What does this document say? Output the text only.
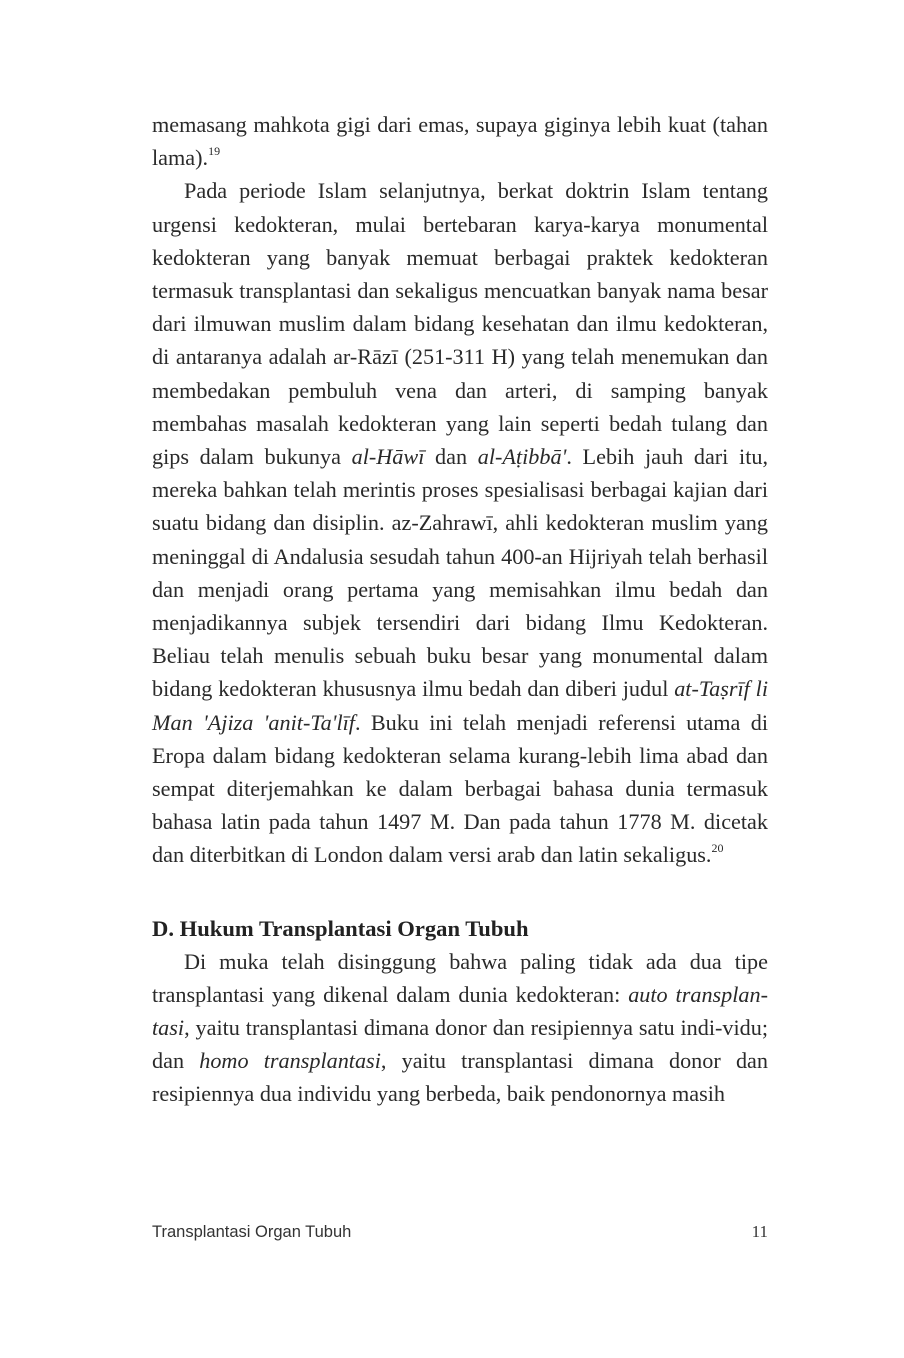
memasang mahkota gigi dari emas, supaya giginya lebih kuat (tahan lama).$^{19}$

Pada periode Islam selanjutnya, berkat doktrin Islam tentang urgensi kedokteran, mulai bertebaran karya-karya monumental kedokteran yang banyak memuat berbagai praktek kedokteran termasuk transplantasi dan sekaligus mencuatkan banyak nama besar dari ilmuwan muslim dalam bidang kesehatan dan ilmu kedokteran, di antaranya adalah ar-Rāzī (251-311 H) yang telah menemukan dan membedakan pembuluh vena dan arteri, di samping banyak membahas masalah kedokteran yang lain seperti bedah tulang dan gips dalam bukunya al-Hāwī dan al-Aṭibbā'. Lebih jauh dari itu, mereka bahkan telah merintis proses spesialisasi berbagai kajian dari suatu bidang dan disiplin. az-Zahrawī, ahli kedokteran muslim yang meninggal di Andalusia sesudah tahun 400-an Hijriyah telah berhasil dan menjadi orang pertama yang memisahkan ilmu bedah dan menjadikannya subjek tersendiri dari bidang Ilmu Kedokteran. Beliau telah menulis sebuah buku besar yang monumental dalam bidang kedokteran khususnya ilmu bedah dan diberi judul at-Taṣrīf li Man 'Ajiza 'anit-Ta'līf. Buku ini telah menjadi referensi utama di Eropa dalam bidang kedokteran selama kurang-lebih lima abad dan sempat diterjemahkan ke dalam berbagai bahasa dunia termasuk bahasa latin pada tahun 1497 M. Dan pada tahun 1778 M. dicetak dan diterbitkan di London dalam versi arab dan latin sekaligus.$^{20}$

D. Hukum Transplantasi Organ Tubuh

Di muka telah disinggung bahwa paling tidak ada dua tipe transplantasi yang dikenal dalam dunia kedokteran: auto transplan-tasi, yaitu transplantasi dimana donor dan resipiennya satu indi-vidu; dan homo transplantasi, yaitu transplantasi dimana donor dan resipiennya dua individu yang berbeda, baik pendonornya masih

Transplantasi Organ Tubuh	11
